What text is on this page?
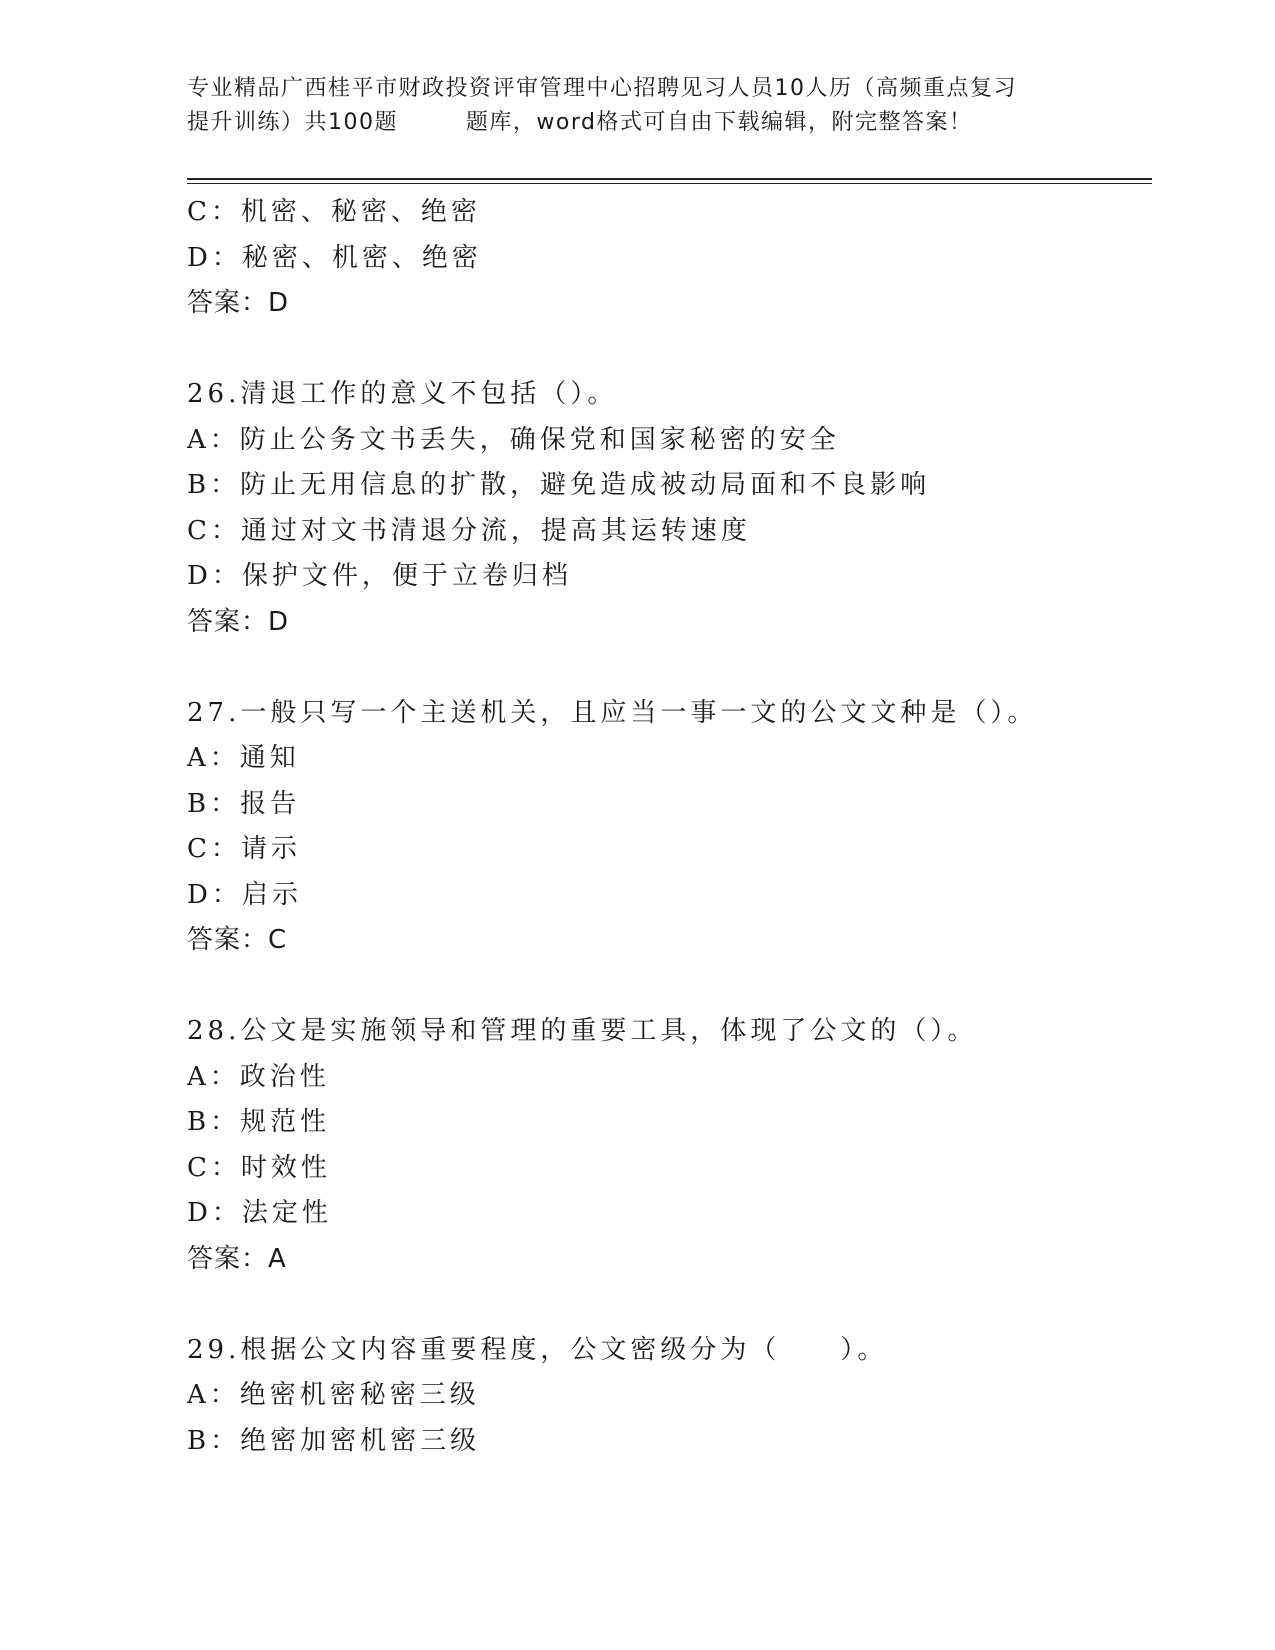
专业精品广西桂平市财政投资评审管理中心招聘见习人员10人历（高频重点复习
提升训练）共100题        题库，word格式可自由下载编辑，附完整答案！
C：机密、秘密、绝密
D：秘密、机密、绝密
答案：D
26.清退工作的意义不包括（）。
A：防止公务文书丢失，确保党和国家秘密的安全
B：防止无用信息的扩散，避免造成被动局面和不良影响
C：通过对文书清退分流，提高其运转速度
D：保护文件，便于立卷归档
答案：D
27.一般只写一个主送机关，且应当一事一文的公文文种是（）。
A：通知
B：报告
C：请示
D：启示
答案：C
28.公文是实施领导和管理的重要工具，体现了公文的（）。
A：政治性
B：规范性
C：时效性
D：法定性
答案：A
29.根据公文内容重要程度，公文密级分为（　　）。
A：绝密机密秘密三级
B：绝密加密机密三级
